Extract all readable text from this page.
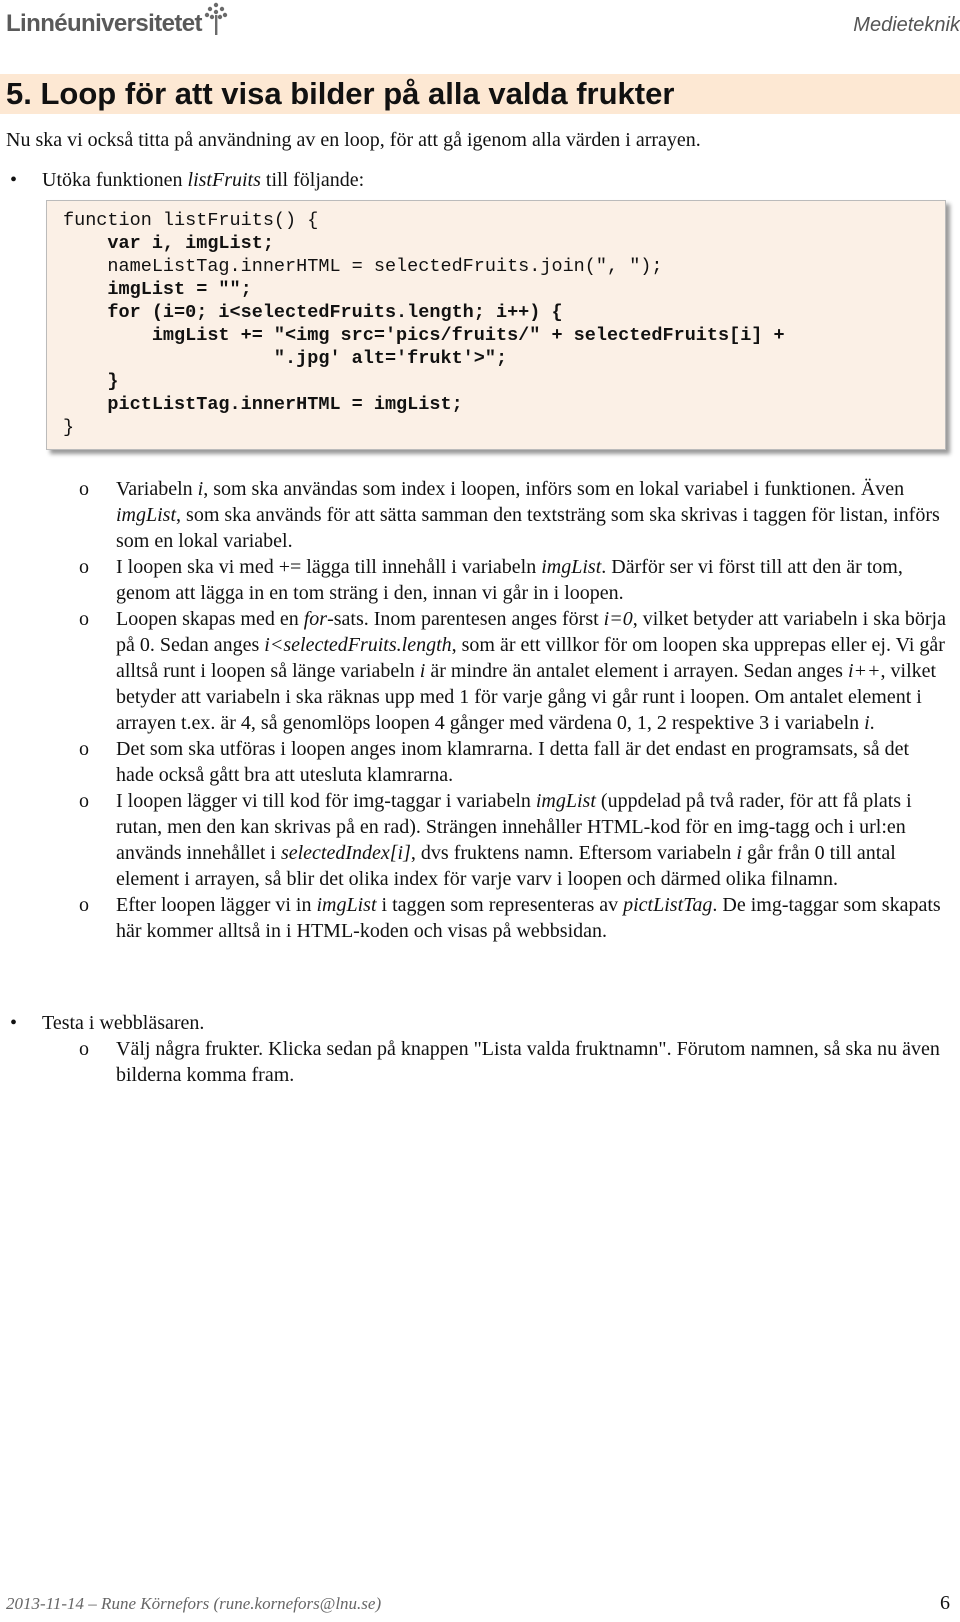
Linnéuniversitetet	Medieteknik
5. Loop för att visa bilder på alla valda frukter
Nu ska vi också titta på användning av en loop, för att gå igenom alla värden i arrayen.
• Utöka funktionen listFruits till följande:
function listFruits() {
var i, imgList;
nameListTag.innerHTML = selectedFruits.join(", ");
imgList = "";
for (i=0; i<selectedFruits.length; i++) {
imgList += "<img src='pics/fruits/" + selectedFruits[i] +
".jpg' alt='frukt'>";
}
pictListTag.innerHTML = imgList;
}
o Variabeln i, som ska användas som index i loopen, införs som en lokal variabel i funktionen. Även imgList, som ska används för att sätta samman den textsträng som ska skrivas i taggen för listan, införs som en lokal variabel.
o I loopen ska vi med += lägga till innehåll i variabeln imgList. Därför ser vi först till att den är tom, genom att lägga in en tom sträng i den, innan vi går in i loopen.
o Loopen skapas med en for-sats. Inom parentesen anges först i=0, vilket betyder att variabeln i ska börja på 0. Sedan anges i<selectedFruits.length, som är ett villkor för om loopen ska upprepas eller ej. Vi går alltså runt i loopen så länge variabeln i är mindre än antalet element i arrayen. Sedan anges i++, vilket betyder att variabeln i ska räknas upp med 1 för varje gång vi går runt i loopen. Om antalet element i arrayen t.ex. är 4, så genomlöps loopen 4 gånger med värdena 0, 1, 2 respektive 3 i variabeln i.
o Det som ska utföras i loopen anges inom klamrarna. I detta fall är det endast en programsats, så det hade också gått bra att utesluta klamrarna.
o I loopen lägger vi till kod för img-taggar i variabeln imgList (uppdelad på två rader, för att få plats i rutan, men den kan skrivas på en rad). Strängen innehåller HTML-kod för en img-tagg och i url:en används innehållet i selectedIndex[i], dvs fruktens namn. Eftersom variabeln i går från 0 till antal element i arrayen, så blir det olika index för varje varv i loopen och därmed olika filnamn.
o Efter loopen lägger vi in imgList i taggen som representeras av pictListTag. De img-taggar som skapats här kommer alltså in i HTML-koden och visas på webbsidan.
• Testa i webbläsaren.
o Välj några frukter. Klicka sedan på knappen "Lista valda fruktnamn". Förutom namnen, så ska nu även bilderna komma fram.
2013-11-14 – Rune Körnefors (rune.kornefors@lnu.se)	6
